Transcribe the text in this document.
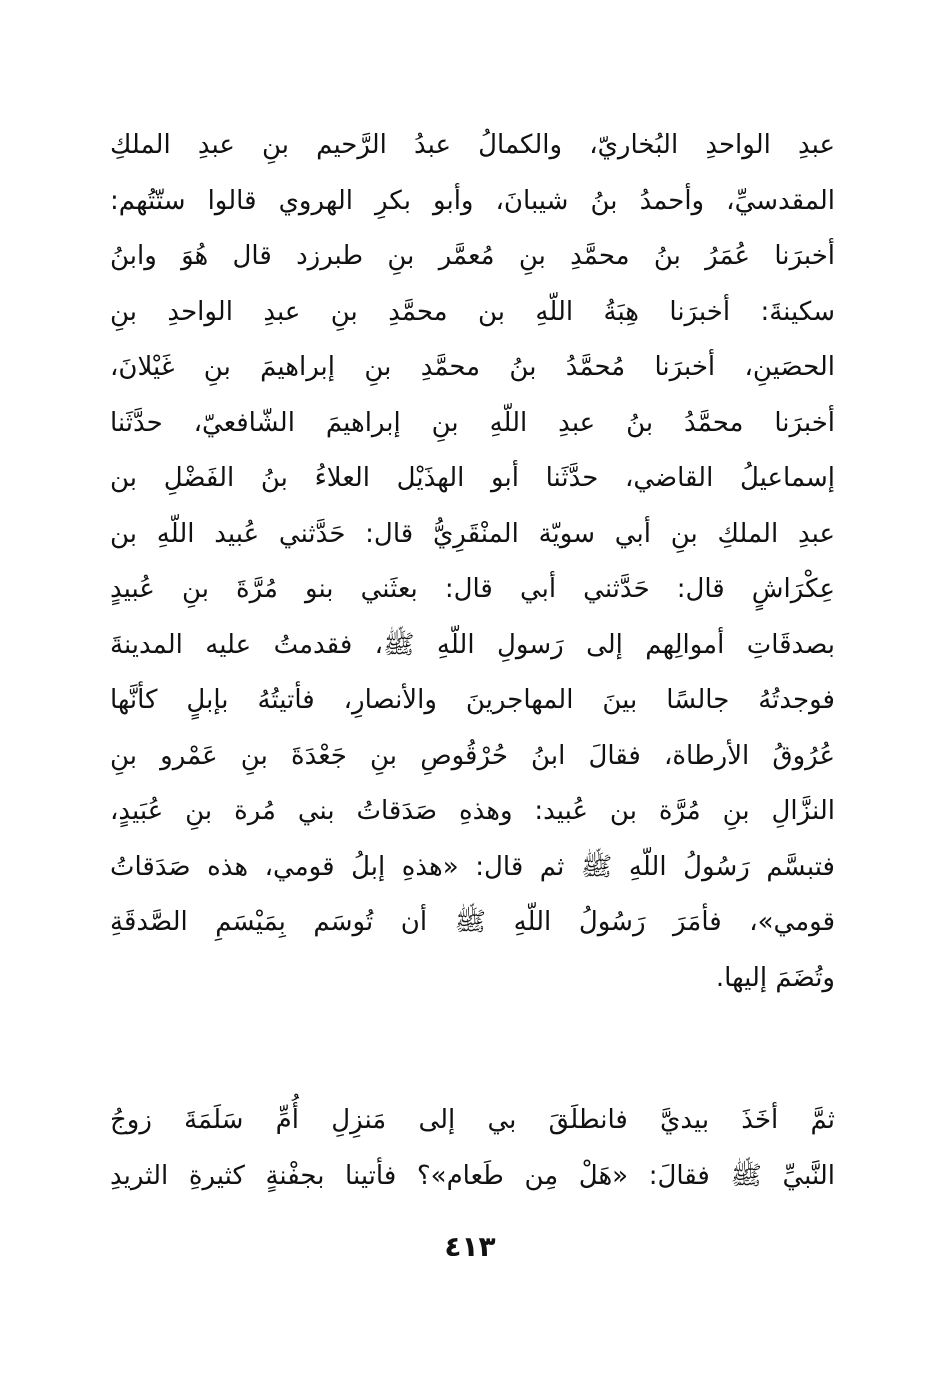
عبدِ الواحدِ البُخاريّ، والكمالُ عبدُ الرَّحيم بنِ عبدِ الملكِ
المقدسيِّ، وأحمدُ بنُ شيبانَ، وأبو بكرِ الهروي قالوا ستّتُهم:
أخبرَنا عُمَرُ بنُ محمَّدِ بنِ مُعمَّر بنِ طبرزد قال هُوَ وابنُ
سكينةَ: أخبرَنا هِبَةُ اللّهِ بن محمَّدِ بنِ عبدِ الواحدِ بنِ
الحصَينِ، أخبرَنا مُحمَّدُ بنُ محمَّدِ بنِ إبراهيمَ بنِ غَيْلانَ،
أخبرَنا محمَّدُ بنُ عبدِ اللّهِ بنِ إبراهيمَ الشّافعيّ، حدَّثَنا
إسماعيلُ القاضي، حدَّثَنا أبو الهذَيْل العلاءُ بنُ الفَضْلِ بن
عبدِ الملكِ بنِ أبي سويّة المنْقَرِيُّ قال: حَدَّثني عُبيد اللّهِ بن
عِكْرَاشٍ قال: حَدَّثني أبي قال: بعثَني بنو مُرَّةَ بنِ عُبيدٍ
بصدقَاتِ أموالِهم إلى رَسولِ اللّهِ ﷺ، فقدمتُ عليه المدينةَ
فوجدتُهُ جالسًا بينَ المهاجرينَ والأنصارِ، فأتيتُهُ بإبلٍ كأنَّها
عُرُوقُ الأرطاة، فقالَ ابنُ حُرْقُوصِ بنِ جَعْدَةَ بنِ عَمْرو بنِ
النزَّالِ بنِ مُرَّة بن عُبيد: وهذهِ صَدَقاتُ بني مُرة بنِ عُبَيدٍ،
فتبسَّم رَسُولُ اللّهِ ﷺ ثم قال: «هذهِ إبلُ قومي، هذه صَدَقاتُ
قومي»، فأمَرَ رَسُولُ اللّهِ ﷺ أن تُوسَم بِمَيْسَمِ الصَّدقَةِ
وتُضَمَ إليها.
ثمَّ أخَذَ بيديَّ فانطلَقَ بي إلى مَنزِلِ أُمِّ سَلَمَةَ زوجُ
النَّبيِّ ﷺ فقالَ: «هَلْ مِن طَعام»؟ فأتينا بجفْنةٍ كثيرةِ الثريدِ
٤١٣
